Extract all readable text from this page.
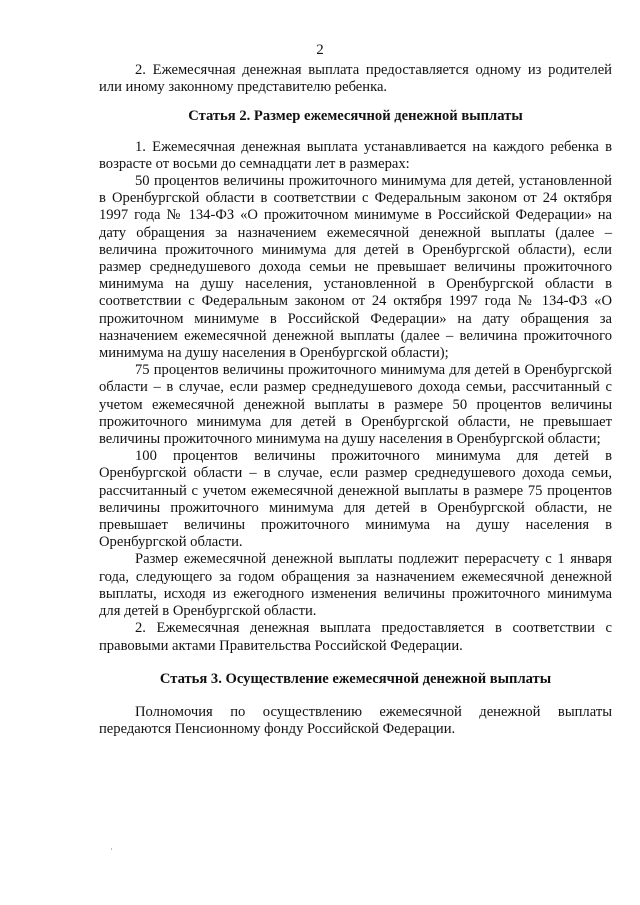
2

2. Ежемесячная денежная выплата предоставляется одному из родителей или иному законному представителю ребенка.

Статья 2. Размер ежемесячной денежной выплаты

1. Ежемесячная денежная выплата устанавливается на каждого ребенка в возрасте от восьми до семнадцати лет в размерах:

50 процентов величины прожиточного минимума для детей, установленной в Оренбургской области в соответствии с Федеральным законом от 24 октября 1997 года № 134-ФЗ «О прожиточном минимуме в Российской Федерации» на дату обращения за назначением ежемесячной денежной выплаты (далее – величина прожиточного минимума для детей в Оренбургской области), если размер среднедушевого дохода семьи не превышает величины прожиточного минимума на душу населения, установленной в Оренбургской области в соответствии с Федеральным законом от 24 октября 1997 года № 134-ФЗ «О прожиточном минимуме в Российской Федерации» на дату обращения за назначением ежемесячной денежной выплаты (далее – величина прожиточного минимума на душу населения в Оренбургской области);

75 процентов величины прожиточного минимума для детей в Оренбургской области – в случае, если размер среднедушевого дохода семьи, рассчитанный с учетом ежемесячной денежной выплаты в размере 50 процентов величины прожиточного минимума для детей в Оренбургской области, не превышает величины прожиточного минимума на душу населения в Оренбургской области;

100 процентов величины прожиточного минимума для детей в Оренбургской области – в случае, если размер среднедушевого дохода семьи, рассчитанный с учетом ежемесячной денежной выплаты в размере 75 процентов величины прожиточного минимума для детей в Оренбургской области, не превышает величины прожиточного минимума на душу населения в Оренбургской области.

Размер ежемесячной денежной выплаты подлежит перерасчету с 1 января года, следующего за годом обращения за назначением ежемесячной денежной выплаты, исходя из ежегодного изменения величины прожиточного минимума для детей в Оренбургской области.

2. Ежемесячная денежная выплата предоставляется в соответствии с правовыми актами Правительства Российской Федерации.

Статья 3. Осуществление ежемесячной денежной выплаты

Полномочия по осуществлению ежемесячной денежной выплаты передаются Пенсионному фонду Российской Федерации.
